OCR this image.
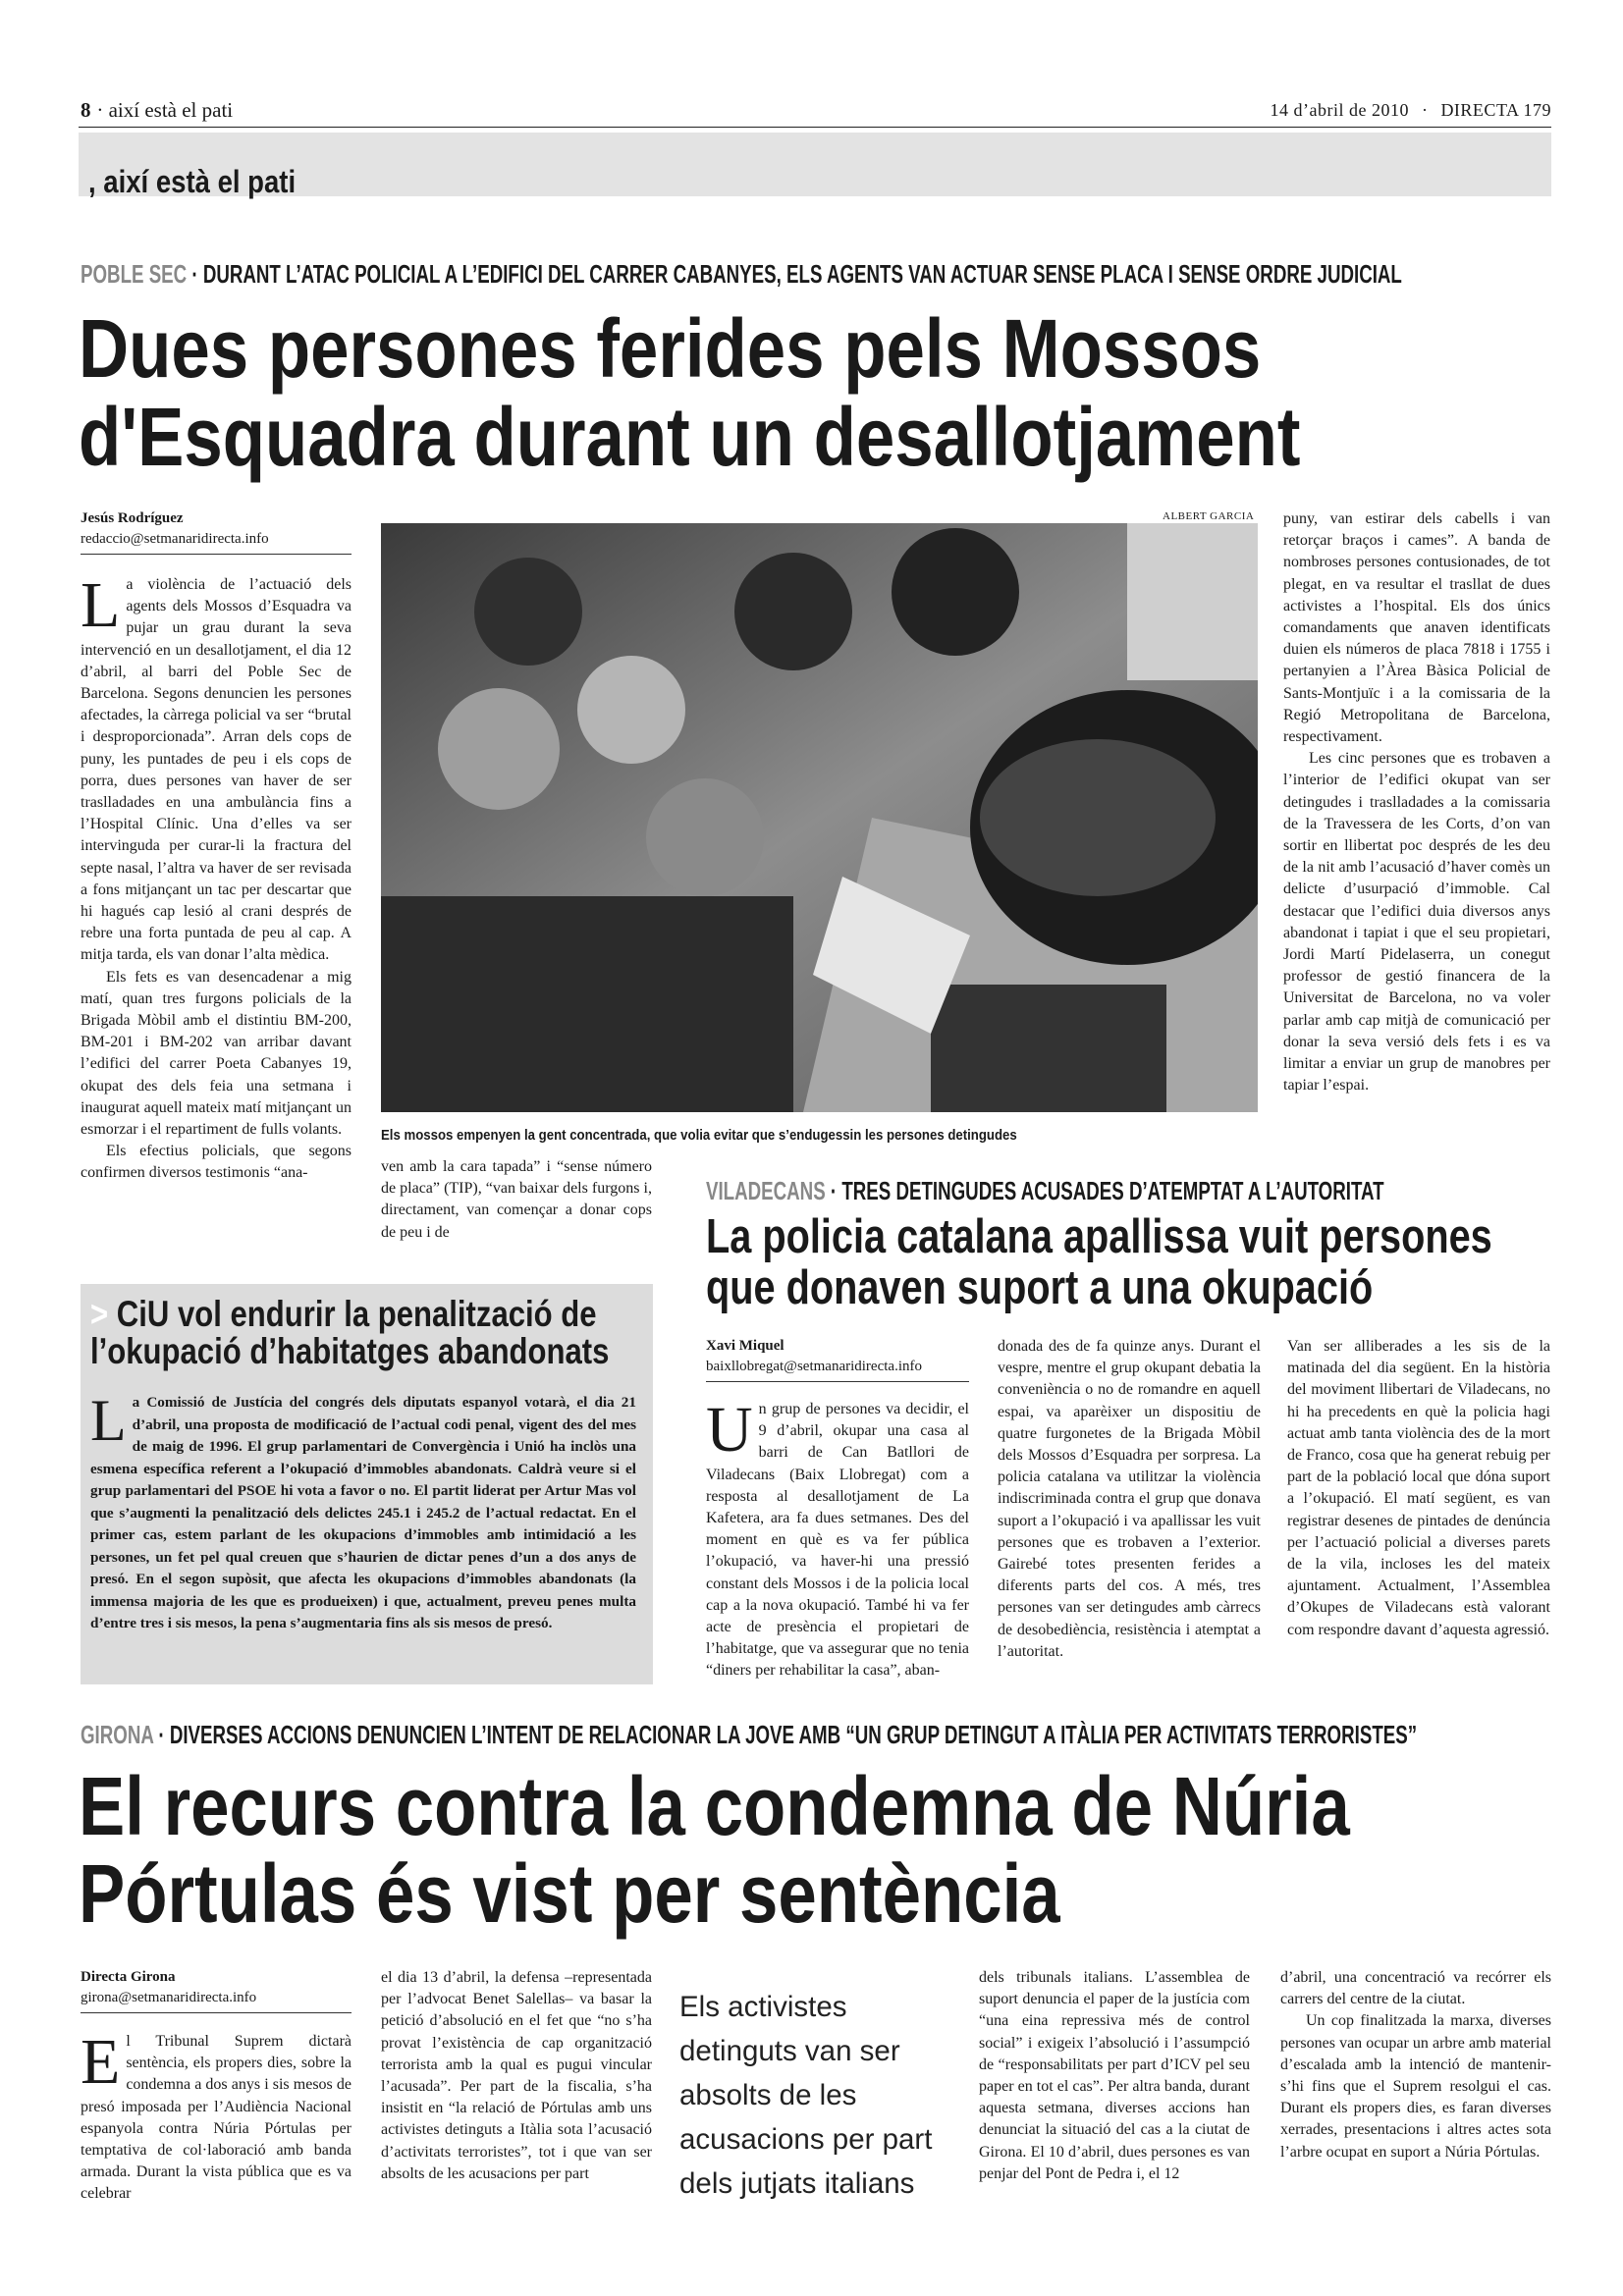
8 · així està el pati	14 d’abril de 2010 · DIRECTA 179
, així està el pati
POBLE SEC · DURANT L’ATAC POLICIAL A L’EDIFICI DEL CARRER CABANYES, ELS AGENTS VAN ACTUAR SENSE PLACA I SENSE ORDRE JUDICIAL
Dues persones ferides pels Mossos
d'Esquadra durant un desallotjament
Jesús Rodríguez
redaccio@setmanaridirecta.info

La violència de l’actuació dels agents dels Mossos d’Esquadra va pujar un grau durant la seva intervenció en un desallotjament, el dia 12 d’abril, al barri del Poble Sec de Barcelona. Segons denuncien les persones afectades, la càrrega policial va ser “brutal i desproporcionada”. Arran dels cops de puny, les puntades de peu i els cops de porra, dues persones van haver de ser traslladades en una ambulància fins a l’Hospital Clínic. Una d’elles va ser intervinguda per curar-li la fractura del septe nasal, l’altra va haver de ser revisada a fons mitjançant un tac per descartar que hi hagués cap lesió al crani després de rebre una forta puntada de peu al cap. A mitja tarda, els van donar l’alta mèdica.

Els fets es van desencadenar a mig matí, quan tres furgons policials de la Brigada Mòbil amb el distintiu BM-200, BM-201 i BM-202 van arribar davant l’edifici del carrer Poeta Cabanyes 19, okupat des dels feia una setmana i inaugurat aquell mateix matí mitjançant un esmorzar i el repartiment de fulls volants.

Els efectius policials, que segons confirmen diversos testimonis “ana-

ALBERT GARCIA
Els mossos empenyen la gent concentrada, que volia evitar que s’endugessin les persones detingudes

ven amb la cara tapada” i “sense número de placa” (TIP), “van baixar dels furgons i, directament, van començar a donar cops de peu i de

puny, van estirar dels cabells i van retorçar braços i cames”. A banda de nombroses persones contusionades, de tot plegat, en va resultar el trasllat de dues activistes a l’hospital. Els dos únics comandaments que anaven identificats duien els números de placa 7818 i 1755 i pertanyien a l’Àrea Bàsica Policial de Sants-Montjuïc i a la comissaria de la Regió Metropolitana de Barcelona, respectivament.

Les cinc persones que es trobaven a l’interior de l’edifici okupat van ser detingudes i traslladades a la comissaria de la Travessera de les Corts, d’on van sortir en llibertat poc després de les deu de la nit amb l’acusació d’haver comès un delicte d’usurpació d’immoble. Cal destacar que l’edifici duia diversos anys abandonat i tapiat i que el seu propietari, Jordi Martí Pidelaserra, un conegut professor de gestió financera de la Universitat de Barcelona, no va voler parlar amb cap mitjà de comunicació per donar la seva versió dels fets i es va limitar a enviar un grup de manobres per tapiar l’espai.

> CiU vol endurir la penalització de
l’okupació d’habitatges abandonats

La Comissió de Justícia del congrés dels diputats espanyol votarà, el dia 21 d’abril, una proposta de modificació de l’actual codi penal, vigent des del mes de maig de 1996. El grup parlamentari de Convergència i Unió ha inclòs una esmena específica referent a l’okupació d’immobles abandonats. Caldrà veure si el grup parlamentari del PSOE hi vota a favor o no. El partit liderat per Artur Mas vol que s’augmenti la penalització dels delictes 245.1 i 245.2 de l’actual redactat. En el primer cas, estem parlant de les okupacions d’immobles amb intimidació a les persones, un fet pel qual creuen que s’haurien de dictar penes d’un a dos anys de presó. En el segon supòsit, que afecta les okupacions d’immobles abandonats (la immensa majoria de les que es produeixen) i que, actualment, preveu penes multa d’entre tres i sis mesos, la pena s’augmentaria fins als sis mesos de presó.

VILADECANS · TRES DETINGUDES ACUSADES D’ATEMPTAT A L’AUTORITAT
La policia catalana apallissa vuit persones
que donaven suport a una okupació
Xavi Miquel
baixllobregat@setmanaridirecta.info

Un grup de persones va decidir, el 9 d’abril, okupar una casa al barri de Can Batllori de Viladecans (Baix Llobregat) com a resposta al desallotjament de La Kafetera, ara fa dues setmanes. Des del moment en què es va fer pública l’okupació, va haver-hi una pressió constant dels Mossos i de la policia local cap a la nova okupació. També hi va fer acte de presència el propietari de l’habitatge, que va assegurar que no tenia “diners per rehabilitar la casa”, aban-

donada des de fa quinze anys. Durant el vespre, mentre el grup okupant debatia la conveniència o no de romandre en aquell espai, va aparèixer un dispositiu de quatre furgonetes de la Brigada Mòbil dels Mossos d’Esquadra per sorpresa. La policia catalana va utilitzar la violència indiscriminada contra el grup que donava suport a l’okupació i va apallissar les vuit persones que es trobaven a l’exterior. Gairebé totes presenten ferides a diferents parts del cos. A més, tres persones van ser detingudes amb càrrecs de desobediència, resistència i atemptat a l’autoritat.

Van ser alliberades a les sis de la matinada del dia següent. En la història del moviment llibertari de Viladecans, no hi ha precedents en què la policia hagi actuat amb tanta violència des de la mort de Franco, cosa que ha generat rebuig per part de la població local que dóna suport a l’okupació. El matí següent, es van registrar desenes de pintades de denúncia per l’actuació policial a diverses parets de la vila, incloses les del mateix ajuntament. Actualment, l’Assemblea d’Okupes de Viladecans està valorant com respondre davant d’aquesta agressió.

GIRONA · DIVERSES ACCIONS DENUNCIEN L’INTENT DE RELACIONAR LA JOVE AMB “UN GRUP DETINGUT A ITÀLIA PER ACTIVITATS TERRORISTES”
El recurs contra la condemna de Núria
Pórtulas és vist per sentència
Directa Girona
girona@setmanaridirecta.info

El Tribunal Suprem dictarà sentència, els propers dies, sobre la condemna a dos anys i sis mesos de presó imposada per l’Audiència Nacional espanyola contra Núria Pórtulas per temptativa de col·laboració amb banda armada. Durant la vista pública que es va celebrar

el dia 13 d’abril, la defensa –representada per l’advocat Benet Salellas– va basar la petició d’absolució en el fet que “no s’ha provat l’existència de cap organització terrorista amb la qual es pugui vincular l’acusada”. Per part de la fiscalia, s’ha insistit en “la relació de Pórtulas amb uns activistes detinguts a Itàlia sota l’acusació d’activitats terroristes”, tot i que van ser absolts de les acusacions per part

Els activistes detinguts van ser absolts de les acusacions per part dels jutjats italians

dels tribunals italians. L’assemblea de suport denuncia el paper de la justícia com “una eina repressiva més de control social” i exigeix l’absolució i l’assumpció de “responsabilitats per part d’ICV pel seu paper en tot el cas”. Per altra banda, durant aquesta setmana, diverses accions han denunciat la situació del cas a la ciutat de Girona. El 10 d’abril, dues persones es van penjar del Pont de Pedra i, el 12

d’abril, una concentració va recórrer els carrers del centre de la ciutat.

Un cop finalitzada la marxa, diverses persones van ocupar un arbre amb material d’escalada amb la intenció de mantenir-s’hi fins que el Suprem resolgui el cas. Durant els propers dies, es faran diverses xerrades, presentacions i altres actes sota l’arbre ocupat en suport a Núria Pórtulas.
